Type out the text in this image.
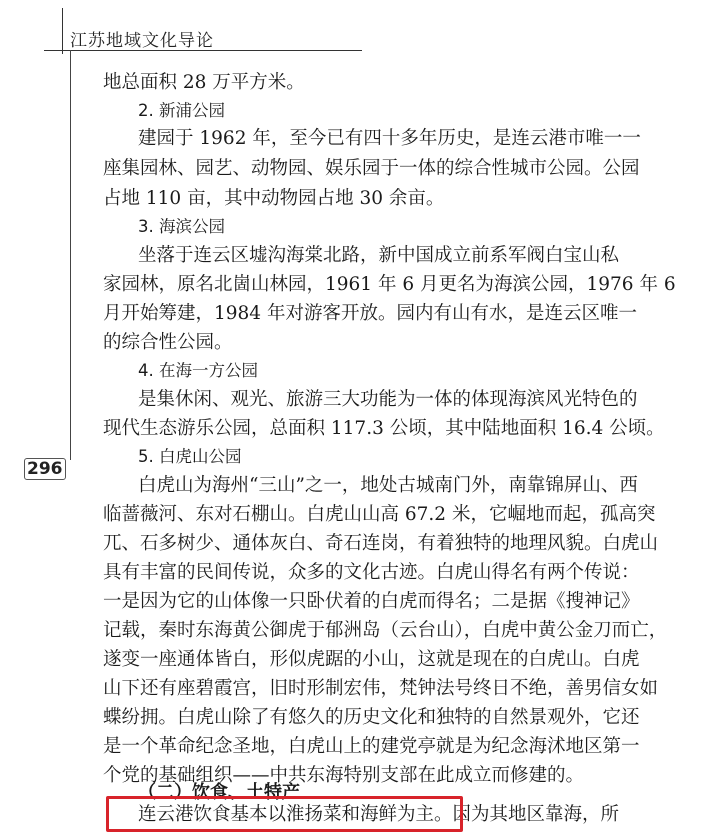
江苏地域文化导论
296
地总面积 28 万平方米。
2. 新浦公园
建园于 1962 年，至今已有四十多年历史，是连云港市唯一一
座集园林、园艺、动物园、娱乐园于一体的综合性城市公园。公园
占地 110 亩，其中动物园占地 30 余亩。
3. 海滨公园
坐落于连云区墟沟海棠北路，新中国成立前系军阀白宝山私
家园林，原名北崮山林园，1961 年 6 月更名为海滨公园，1976 年 6
月开始筹建，1984 年对游客开放。园内有山有水，是连云区唯一
的综合性公园。
4. 在海一方公园
是集休闲、观光、旅游三大功能为一体的体现海滨风光特色的
现代生态游乐公园，总面积 117.3 公顷，其中陆地面积 16.4 公顷。
5. 白虎山公园
白虎山为海州“三山”之一，地处古城南门外，南靠锦屏山、西
临蔷薇河、东对石棚山。白虎山山高 67.2 米，它崛地而起，孤高突
兀、石多树少、通体灰白、奇石连岗，有着独特的地理风貌。白虎山
具有丰富的民间传说，众多的文化古迹。白虎山得名有两个传说：
一是因为它的山体像一只卧伏着的白虎而得名；二是据《搜神记》
记载，秦时东海黄公御虎于郁洲岛（云台山），白虎中黄公金刀而亡，
遂变一座通体皆白，形似虎踞的小山，这就是现在的白虎山。白虎
山下还有座碧霞宫，旧时形制宏伟，梵钟法号终日不绝，善男信女如
蝶纷拥。白虎山除了有悠久的历史文化和独特的自然景观外，它还
是一个革命纪念圣地，白虎山上的建党亭就是为纪念海沭地区第一
个党的基础组织——中共东海特别支部在此成立而修建的。
（二）饮食、土特产
连云港饮食基本以淮扬菜和海鲜为主。因为其地区靠海，所
